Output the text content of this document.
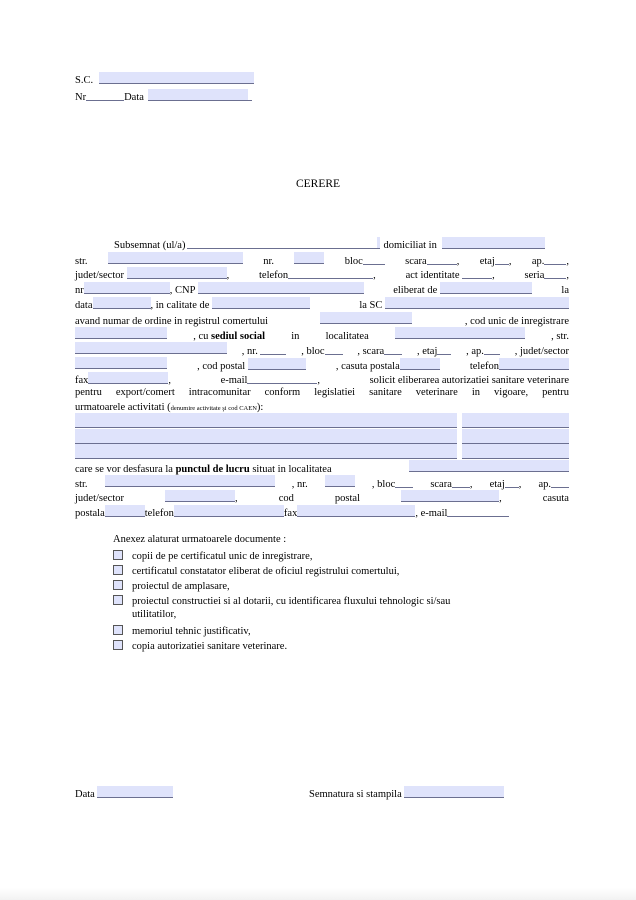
S.C.
Nr	Data
CERERE
Subsemnat (ul/a)	domiciliat in
str.	nr.	bloc	scara	, etaj , ap. ,
judet/sector	,	telefon	,	act identitate	,	seria ,
nr	, CNP	eliberat de	la
data	, in calitate de	la SC
avand numar de ordine in registrul comertului	, cod unic de inregistrare
, cu sediul social in localitatea	, str.
, nr.	, bloc	, scara	, etaj	, ap.	, judet/sector
, cod postal	, casuta postala	telefon
fax	,	e-mail	,	solicit eliberarea autorizatiei sanitare veterinare
pentru export/comert intracomunitar conform legislatiei sanitare veterinare in vigoare, pentru
urmatoarele activitati (denumire activitate şi cod CAEN):
care se vor desfasura la punctul de lucru situat in localitatea
str.	, nr.	, bloc	scara , etaj , ap.
judet/sector	,	cod	postal	,	casuta
postala	telefon	fax	, e-mail
Anexez alaturat urmatoarele documente :
copii de pe certificatul unic de inregistrare,
certificatul constatator eliberat de oficiul registrului comertului,
proiectul de amplasare,
proiectul constructiei si al dotarii, cu identificarea fluxului tehnologic si/sau
utilitatilor,
memoriul tehnic justificativ,
copia autorizatiei sanitare veterinare.
Data	Semnatura si stampila
